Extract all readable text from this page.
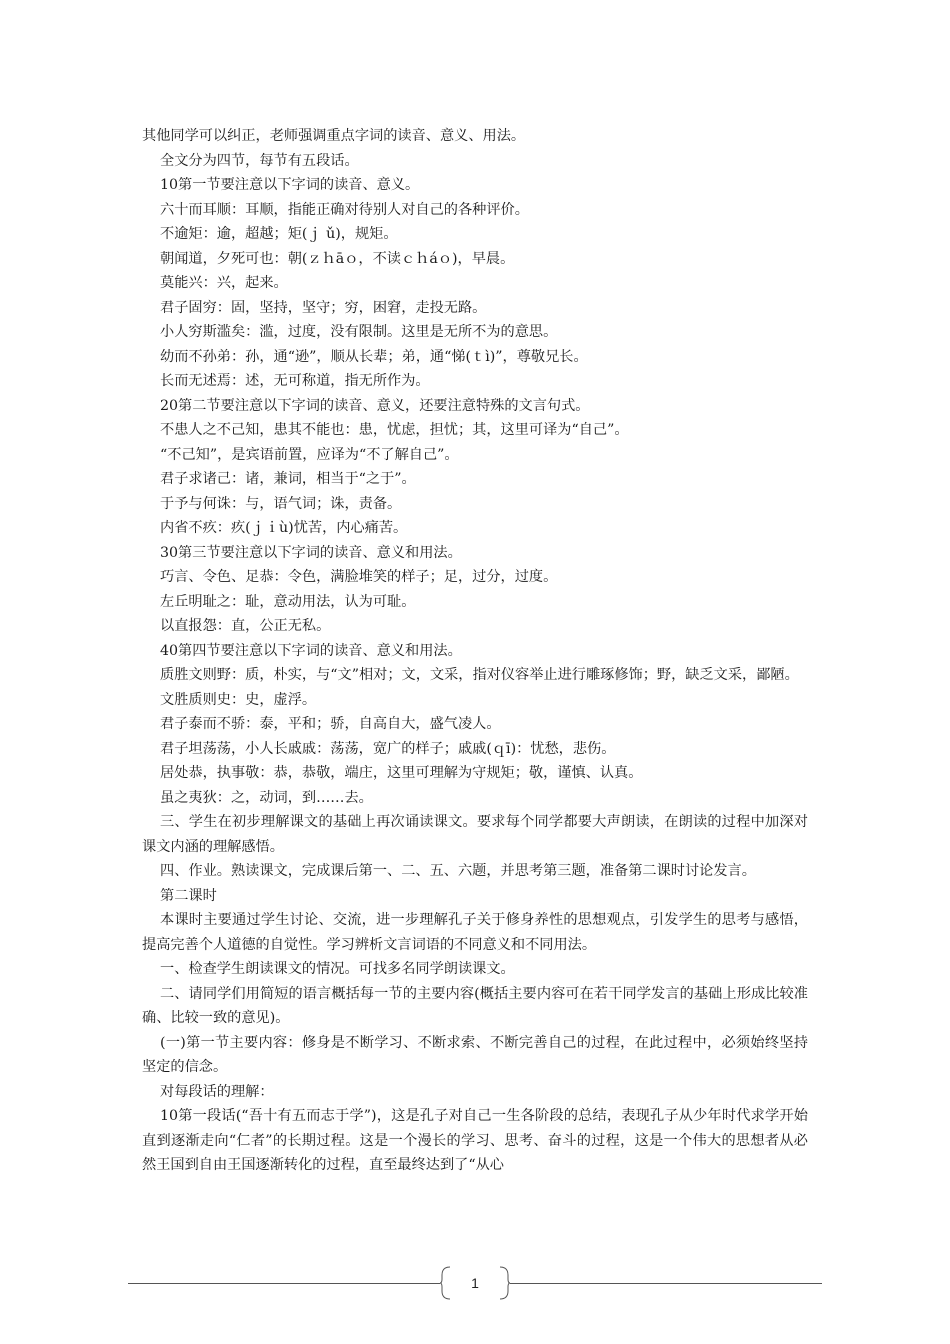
其他同学可以纠正，老师强调重点字词的读音、意义、用法。

全文分为四节，每节有五段话。

10第一节要注意以下字词的读音、意义。

六十而耳顺：耳顺，指能正确对待别人对自己的各种评价。

不逾矩：逾，超越；矩(ｊ ǔ)，规矩。

朝闻道，夕死可也：朝(ｚｈāｏ，不读ｃｈáｏ)，早晨。

莫能兴：兴，起来。

君子固穷：固，坚持，坚守；穷，困窘，走投无路。

小人穷斯滥矣：滥，过度，没有限制。这里是无所不为的意思。

幼而不孙弟：孙，通“逊”，顺从长辈；弟，通“悌(ｔì)”，尊敬兄长。

长而无述焉：述，无可称道，指无所作为。

20第二节要注意以下字词的读音、意义，还要注意特殊的文言句式。

不患人之不己知，患其不能也：患，忧虑，担忧；其，这里可译为“自己”。

“不己知”，是宾语前置，应译为“不了解自己”。

君子求诸己：诸，兼词，相当于“之于”。

于予与何诛：与，语气词；诛，责备。

内省不疚：疚(ｊｉù)忧苦，内心痛苦。

30第三节要注意以下字词的读音、意义和用法。

巧言、令色、足恭：令色，满脸堆笑的样子；足，过分，过度。

左丘明耻之：耻，意动用法，认为可耻。

以直报怨：直，公正无私。

40第四节要注意以下字词的读音、意义和用法。

质胜文则野：质，朴实，与“文”相对；文，文采，指对仪容举止进行雕琢修饰；野，缺乏文采，鄙陋。

文胜质则史：史，虚浮。

君子泰而不骄：泰，平和；骄，自高自大，盛气凌人。

君子坦荡荡，小人长戚戚：荡荡，宽广的样子；戚戚(ｑī)：忧愁，悲伤。

居处恭，执事敬：恭，恭敬，端庄，这里可理解为守规矩；敬，谨慎、认真。

虽之夷狄：之，动词，到……去。

三、学生在初步理解课文的基础上再次诵读课文。要求每个同学都要大声朗读，在朗读的过程中加深对课文内涵的理解感悟。

四、作业。熟读课文，完成课后第一、二、五、六题，并思考第三题，准备第二课时讨论发言。

第二课时

本课时主要通过学生讨论、交流，进一步理解孔子关于修身养性的思想观点，引发学生的思考与感悟，提高完善个人道德的自觉性。学习辨析文言词语的不同意义和不同用法。

一、检查学生朗读课文的情况。可找多名同学朗读课文。

二、请同学们用简短的语言概括每一节的主要内容(概括主要内容可在若干同学发言的基础上形成比较准确、比较一致的意见)。

(一)第一节主要内容：修身是不断学习、不断求索、不断完善自己的过程，在此过程中，必须始终坚持坚定的信念。

对每段话的理解：

10第一段话(“吾十有五而志于学”)，这是孔子对自己一生各阶段的总结，表现孔子从少年时代求学开始直到逐渐走向“仁者”的长期过程。这是一个漫长的学习、思考、奋斗的过程，这是一个伟大的思想者从必然王国到自由王国逐渐转化的过程，直至最终达到了“从心

1
